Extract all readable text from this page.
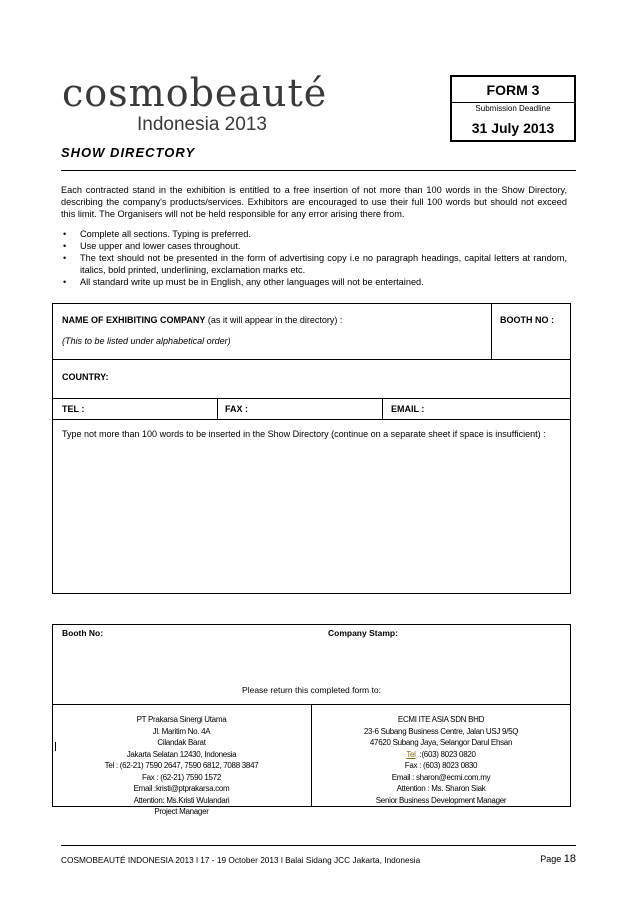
cosmobeauté
Indonesia 2013
FORM 3
Submission Deadline
31 July 2013
SHOW DIRECTORY
Each contracted stand in the exhibition is entitled to a free insertion of not more than 100 words in the Show Directory, describing the company's products/services. Exhibitors are encouraged to use their full 100 words but should not exceed this limit. The Organisers will not be held responsible for any error arising there from.
• Complete all sections. Typing is preferred.
• Use upper and lower cases throughout.
• The text should not be presented in the form of advertising copy i.e no paragraph headings, capital letters at random, italics, bold printed, underlining, exclamation marks etc.
• All standard write up must be in English, any other languages will not be entertained.
NAME OF EXHIBITING COMPANY (as it will appear in the directory) :
(This to be listed under alphabetical order)
BOOTH NO :
COUNTRY:
TEL :	FAX :	EMAIL :
Type not more than 100 words to be inserted in the Show Directory (continue on a separate sheet if space is insufficient) :
Booth No:	Company Stamp:
Please return this completed form to:
PT Prakarsa Sinergi Utama
Jl. Maritim No. 4A
Cilandak Barat
Jakarta Selatan 12430, Indonesia
Tel : (62-21) 7590 2647, 7590 6812, 7088 3847
Fax : (62-21) 7590 1572
Email :kristi@ptprakarsa.com
Attention: Ms.Kristi Wulandari
Project Manager
ECMI ITE ASIA SDN BHD
23-6 Subang Business Centre, Jalan USJ 9/5Q
47620 Subang Jaya, Selangor Darul Ehsan
Tel :(603) 8023 0820
Fax : (603) 8023 0830
Email : sharon@ecmi.com.my
Attention : Ms. Sharon Siak
Senior Business Development Manager
COSMOBEAUTÉ INDONESIA 2013 l 17 - 19 October 2013 l Balai Sidang JCC Jakarta, Indonesia	Page 18
